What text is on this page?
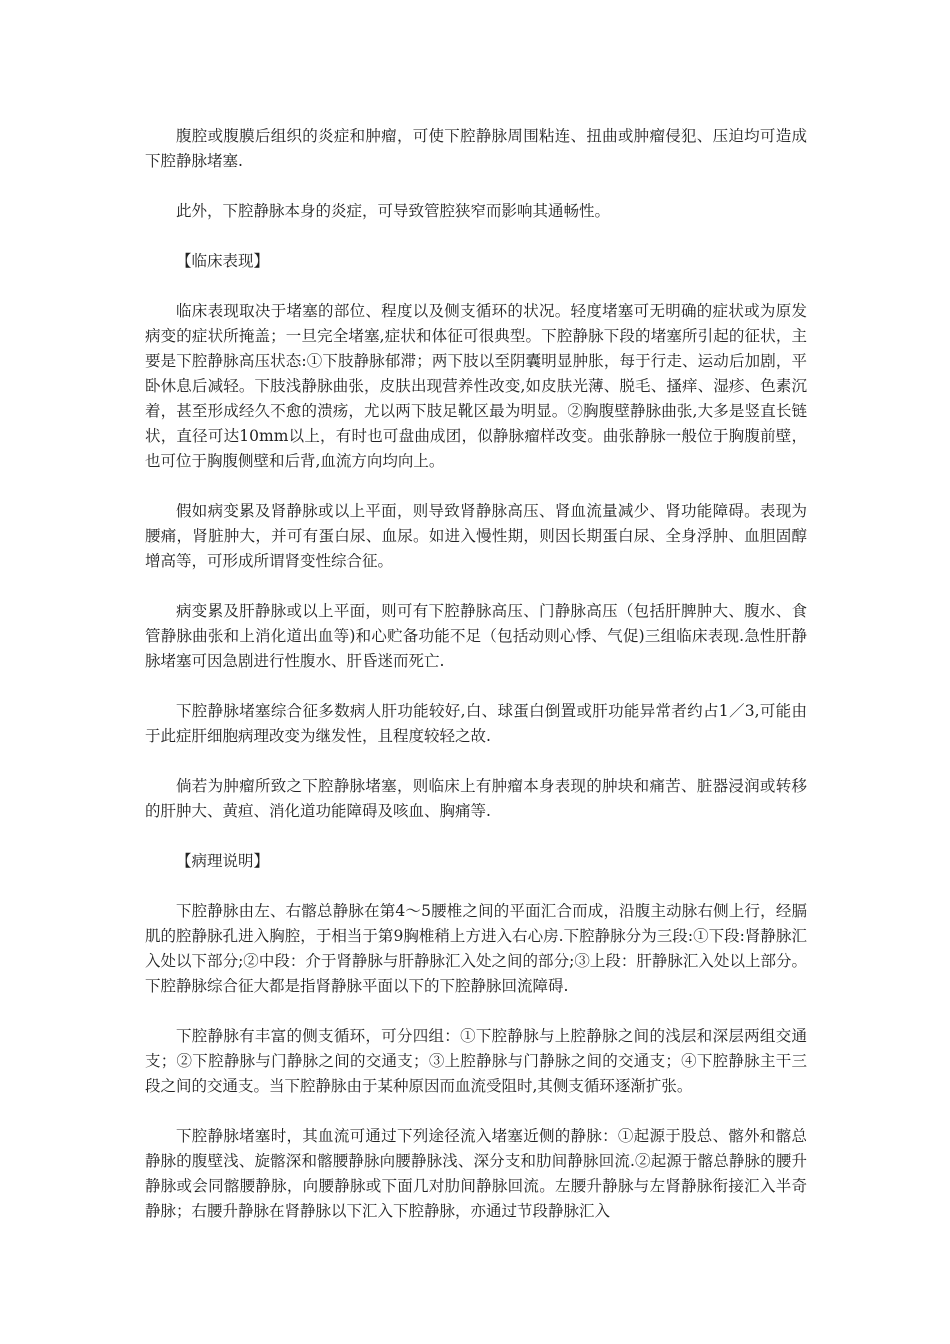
腹腔或腹膜后组织的炎症和肿瘤，可使下腔静脉周围粘连、扭曲或肿瘤侵犯、压迫均可造成下腔静脉堵塞.

此外，下腔静脉本身的炎症，可导致管腔狭窄而影响其通畅性。

【临床表现】

临床表现取决于堵塞的部位、程度以及侧支循环的状况。轻度堵塞可无明确的症状或为原发病变的症状所掩盖；一旦完全堵塞,症状和体征可很典型。下腔静脉下段的堵塞所引起的征状，主要是下腔静脉高压状态:①下肢静脉郁滞；两下肢以至阴囊明显肿胀，每于行走、运动后加剧，平卧休息后减轻。下肢浅静脉曲张，皮肤出现营养性改变,如皮肤光薄、脱毛、搔痒、湿疹、色素沉着，甚至形成经久不愈的溃疡，尤以两下肢足靴区最为明显。②胸腹壁静脉曲张,大多是竖直长链状，直径可达10mm以上，有时也可盘曲成团，似静脉瘤样改变。曲张静脉一般位于胸腹前壁，也可位于胸腹侧壁和后背,血流方向均向上。

假如病变累及肾静脉或以上平面，则导致肾静脉高压、肾血流量减少、肾功能障碍。表现为腰痛，肾脏肿大，并可有蛋白尿、血尿。如进入慢性期，则因长期蛋白尿、全身浮肿、血胆固醇增高等，可形成所谓肾变性综合征。

病变累及肝静脉或以上平面，则可有下腔静脉高压、门静脉高压（包括肝脾肿大、腹水、食管静脉曲张和上消化道出血等)和心贮备功能不足（包括动则心悸、气促)三组临床表现.急性肝静脉堵塞可因急剧进行性腹水、肝昏迷而死亡.

下腔静脉堵塞综合征多数病人肝功能较好,白、球蛋白倒置或肝功能异常者约占1／3,可能由于此症肝细胞病理改变为继发性，且程度较轻之故.

倘若为肿瘤所致之下腔静脉堵塞，则临床上有肿瘤本身表现的肿块和痛苦、脏器浸润或转移的肝肿大、黄疸、消化道功能障碍及咳血、胸痛等.

【病理说明】

下腔静脉由左、右髂总静脉在第4～5腰椎之间的平面汇合而成，沿腹主动脉右侧上行，经膈肌的腔静脉孔进入胸腔，于相当于第9胸椎稍上方进入右心房.下腔静脉分为三段:①下段:肾静脉汇入处以下部分;②中段：介于肾静脉与肝静脉汇入处之间的部分;③上段：肝静脉汇入处以上部分。下腔静脉综合征大都是指肾静脉平面以下的下腔静脉回流障碍.

下腔静脉有丰富的侧支循环，可分四组：①下腔静脉与上腔静脉之间的浅层和深层两组交通支；②下腔静脉与门静脉之间的交通支；③上腔静脉与门静脉之间的交通支；④下腔静脉主干三段之间的交通支。当下腔静脉由于某种原因而血流受阻时,其侧支循环逐渐扩张。

下腔静脉堵塞时，其血流可通过下列途径流入堵塞近侧的静脉：①起源于股总、髂外和髂总静脉的腹壁浅、旋髂深和髂腰静脉向腰静脉浅、深分支和肋间静脉回流.②起源于髂总静脉的腰升静脉或会同髂腰静脉，向腰静脉或下面几对肋间静脉回流。左腰升静脉与左肾静脉衔接汇入半奇静脉；右腰升静脉在肾静脉以下汇入下腔静脉，亦通过节段静脉汇入
